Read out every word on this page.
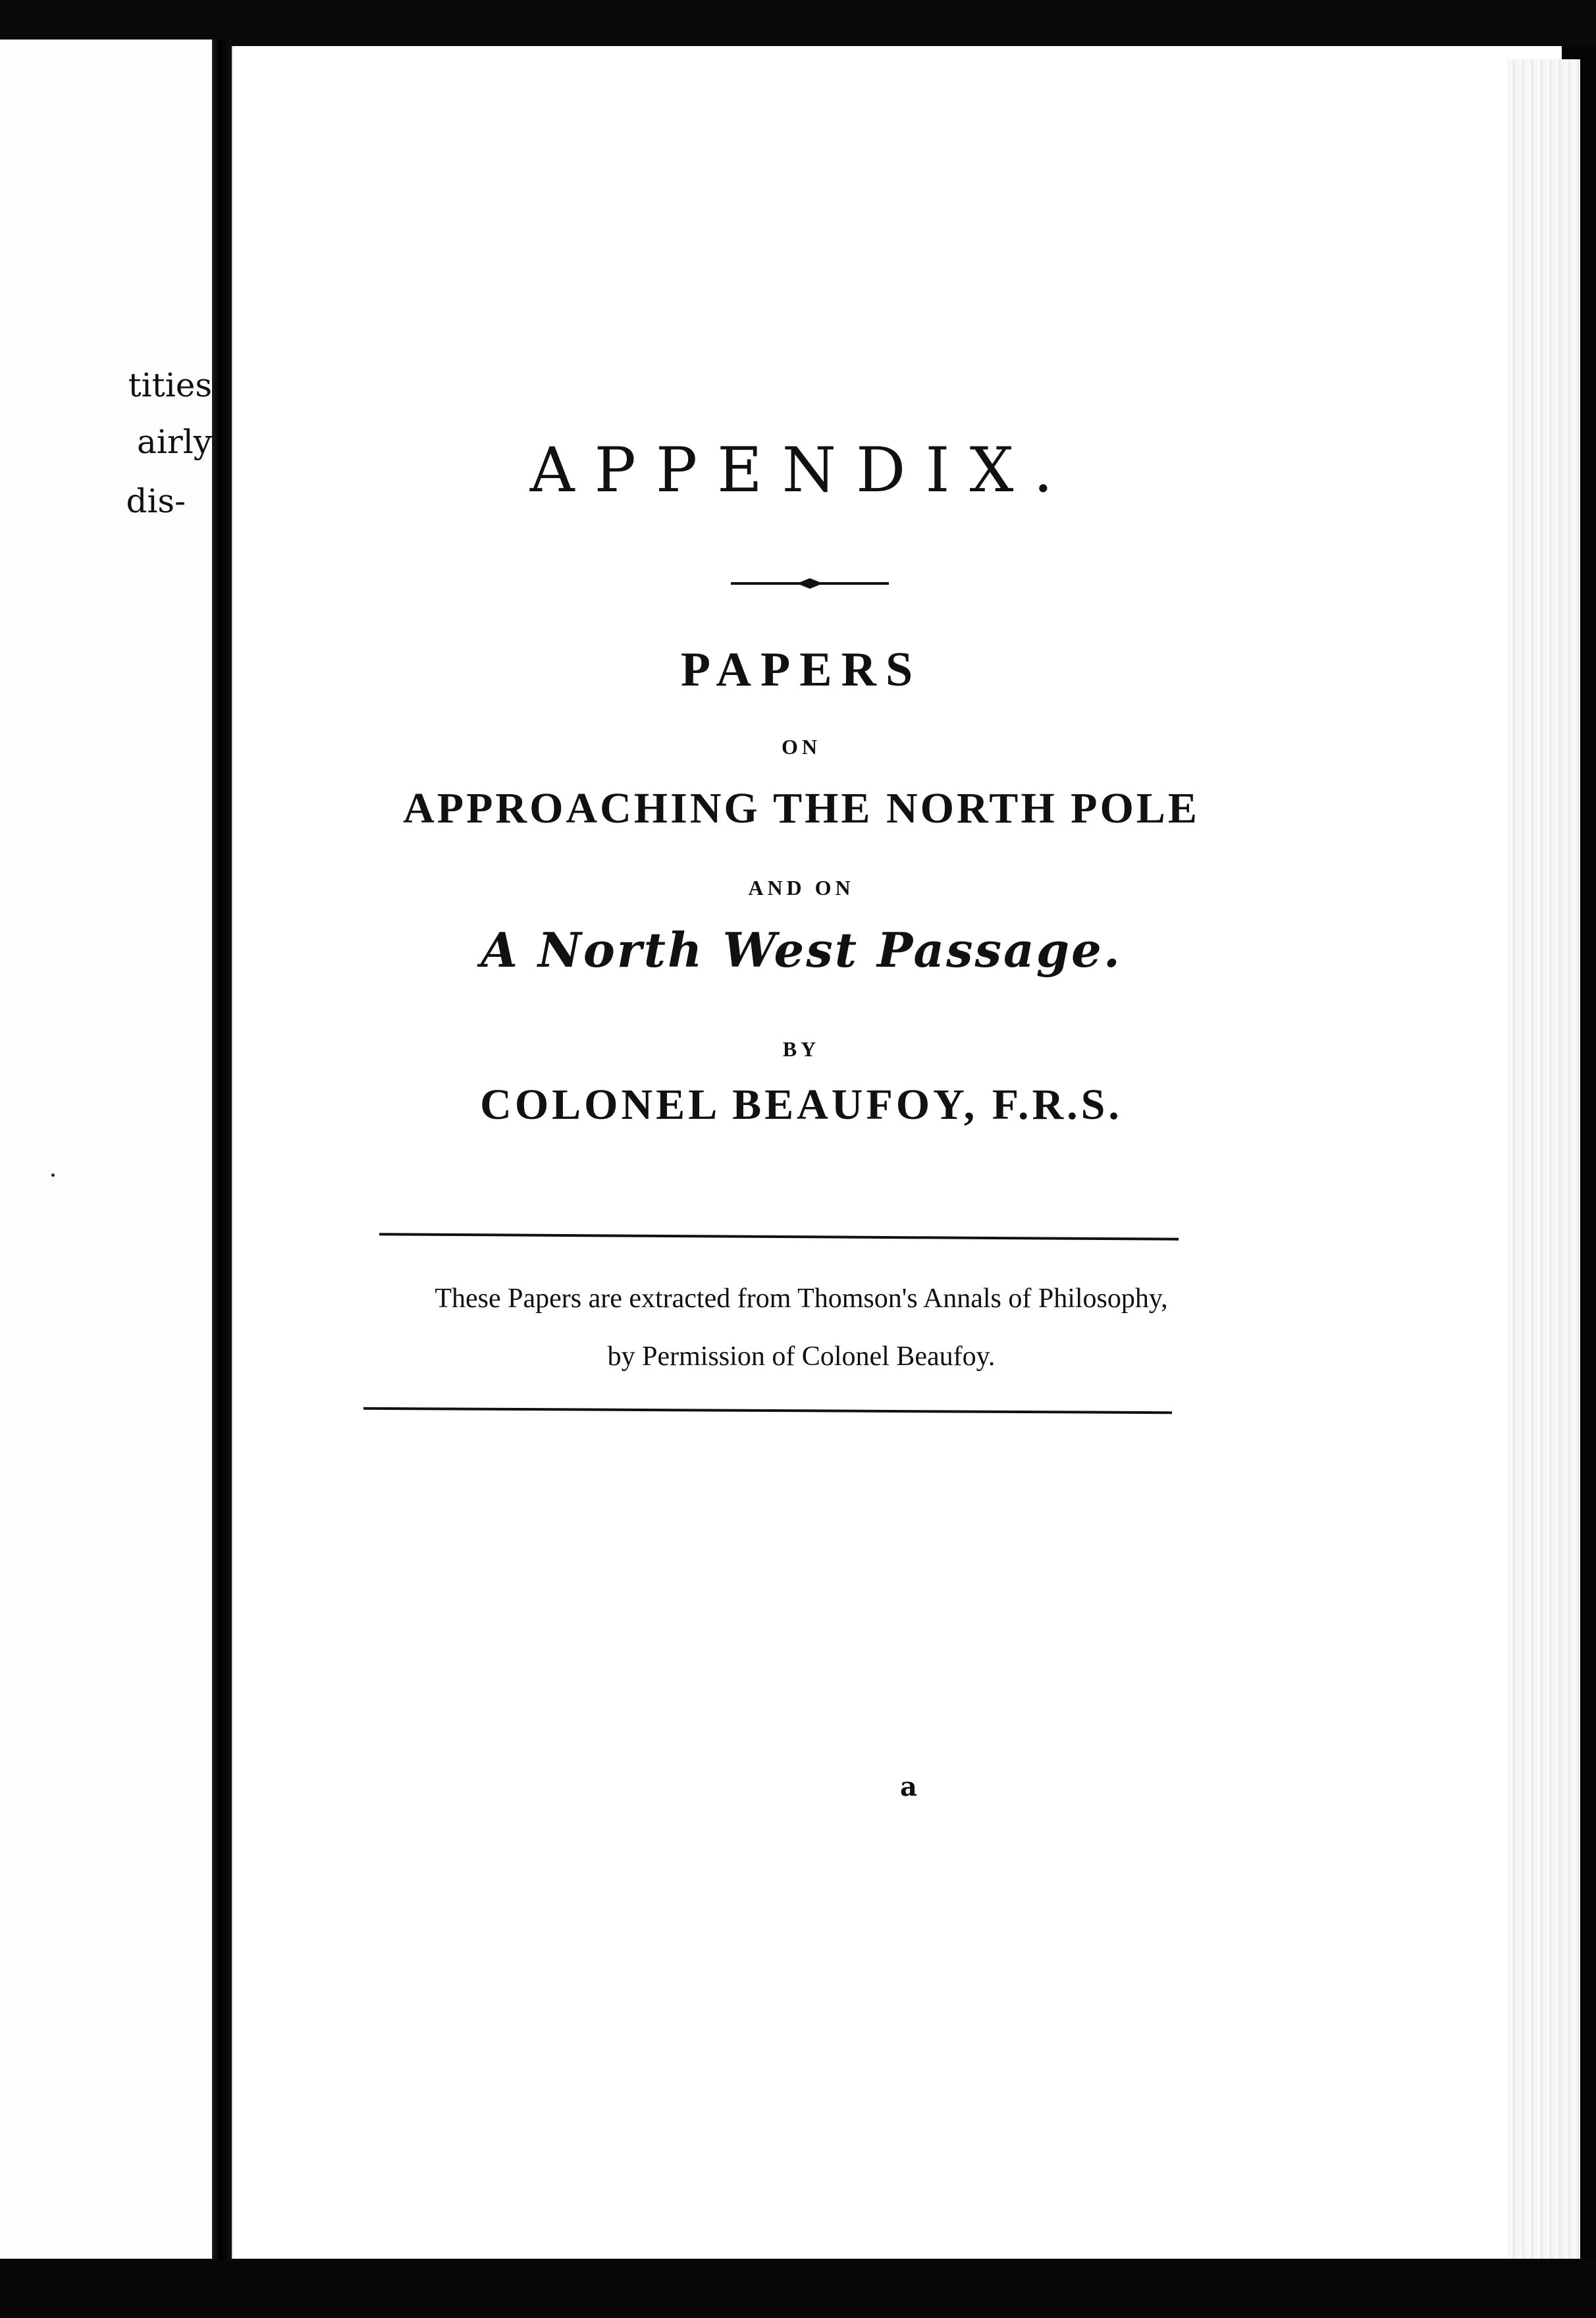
tities
airly
dis-	APPENDIX.
PAPERS
ON
APPROACHING THE NORTH POLE
AND ON
A North West Passage.
BY
COLONEL BEAUFOY, F.R.S.
These Papers are extracted from Thomson's Annals of Philosophy,
by Permission of Colonel Beaufoy.
a
